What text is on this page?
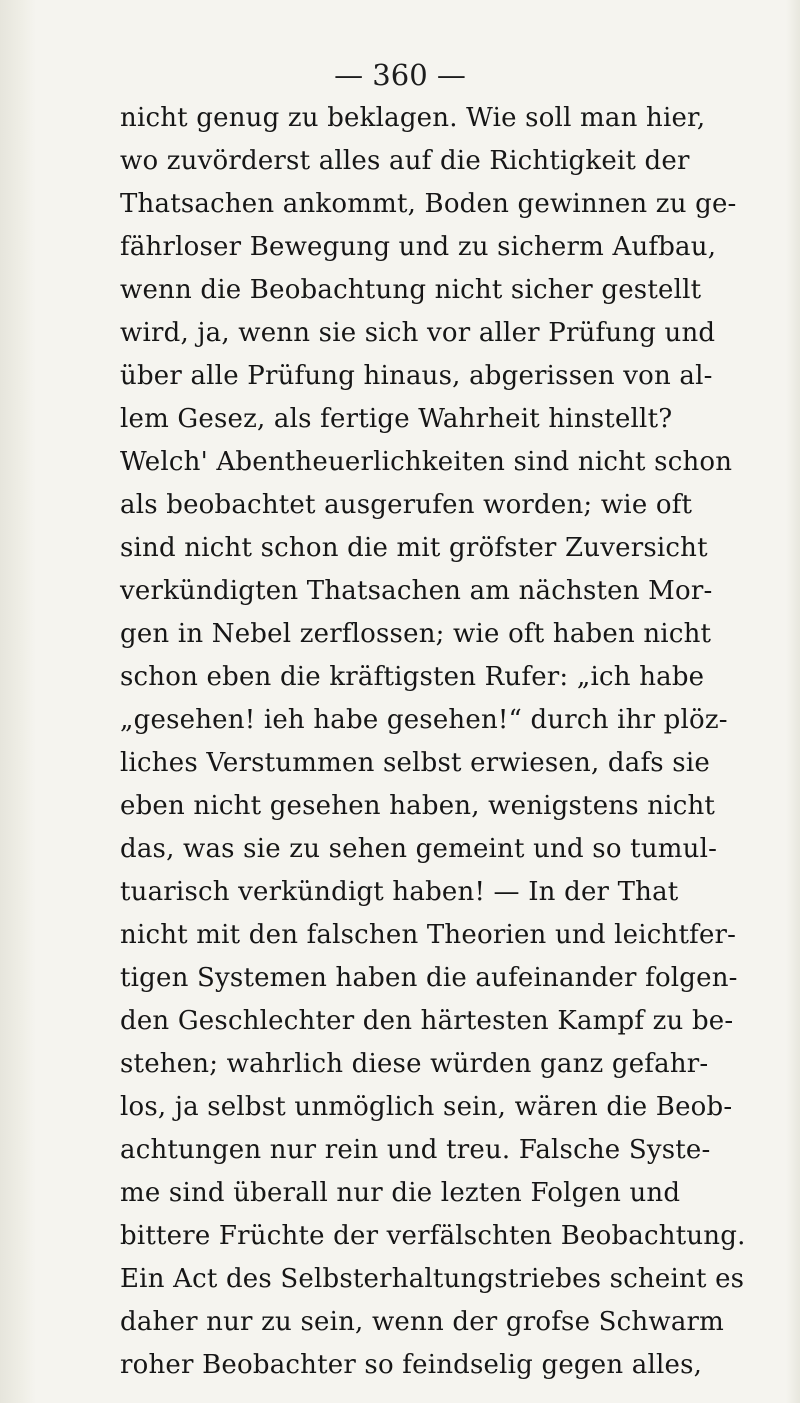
— 360 —
nicht genug zu beklagen. Wie soll man hier,
wo zuvörderst alles auf die Richtigkeit der
Thatsachen ankommt, Boden gewinnen zu ge-
fährloser Bewegung und zu sicherm Aufbau,
wenn die Beobachtung nicht sicher gestellt
wird, ja, wenn sie sich vor aller Prüfung und
über alle Prüfung hinaus, abgerissen von al-
lem Gesez, als fertige Wahrheit hinstellt?
Welch' Abentheuerlichkeiten sind nicht schon
als beobachtet ausgerufen worden; wie oft
sind nicht schon die mit gröfster Zuversicht
verkündigten Thatsachen am nächsten Mor-
gen in Nebel zerflossen; wie oft haben nicht
schon eben die kräftigsten Rufer: „ich habe
„gesehen! ieh habe gesehen!“ durch ihr plöz-
liches Verstummen selbst erwiesen, dafs sie
eben nicht gesehen haben, wenigstens nicht
das, was sie zu sehen gemeint und so tumul-
tuarisch verkündigt haben! — In der That
nicht mit den falschen Theorien und leichtfer-
tigen Systemen haben die aufeinander folgen-
den Geschlechter den härtesten Kampf zu be-
stehen; wahrlich diese würden ganz gefahr-
los, ja selbst unmöglich sein, wären die Beob-
achtungen nur rein und treu. Falsche Syste-
me sind überall nur die lezten Folgen und
bittere Früchte der verfälschten Beobachtung.
Ein Act des Selbsterhaltungstriebes scheint es
daher nur zu sein, wenn der grofse Schwarm
roher Beobachter so feindselig gegen alles,
